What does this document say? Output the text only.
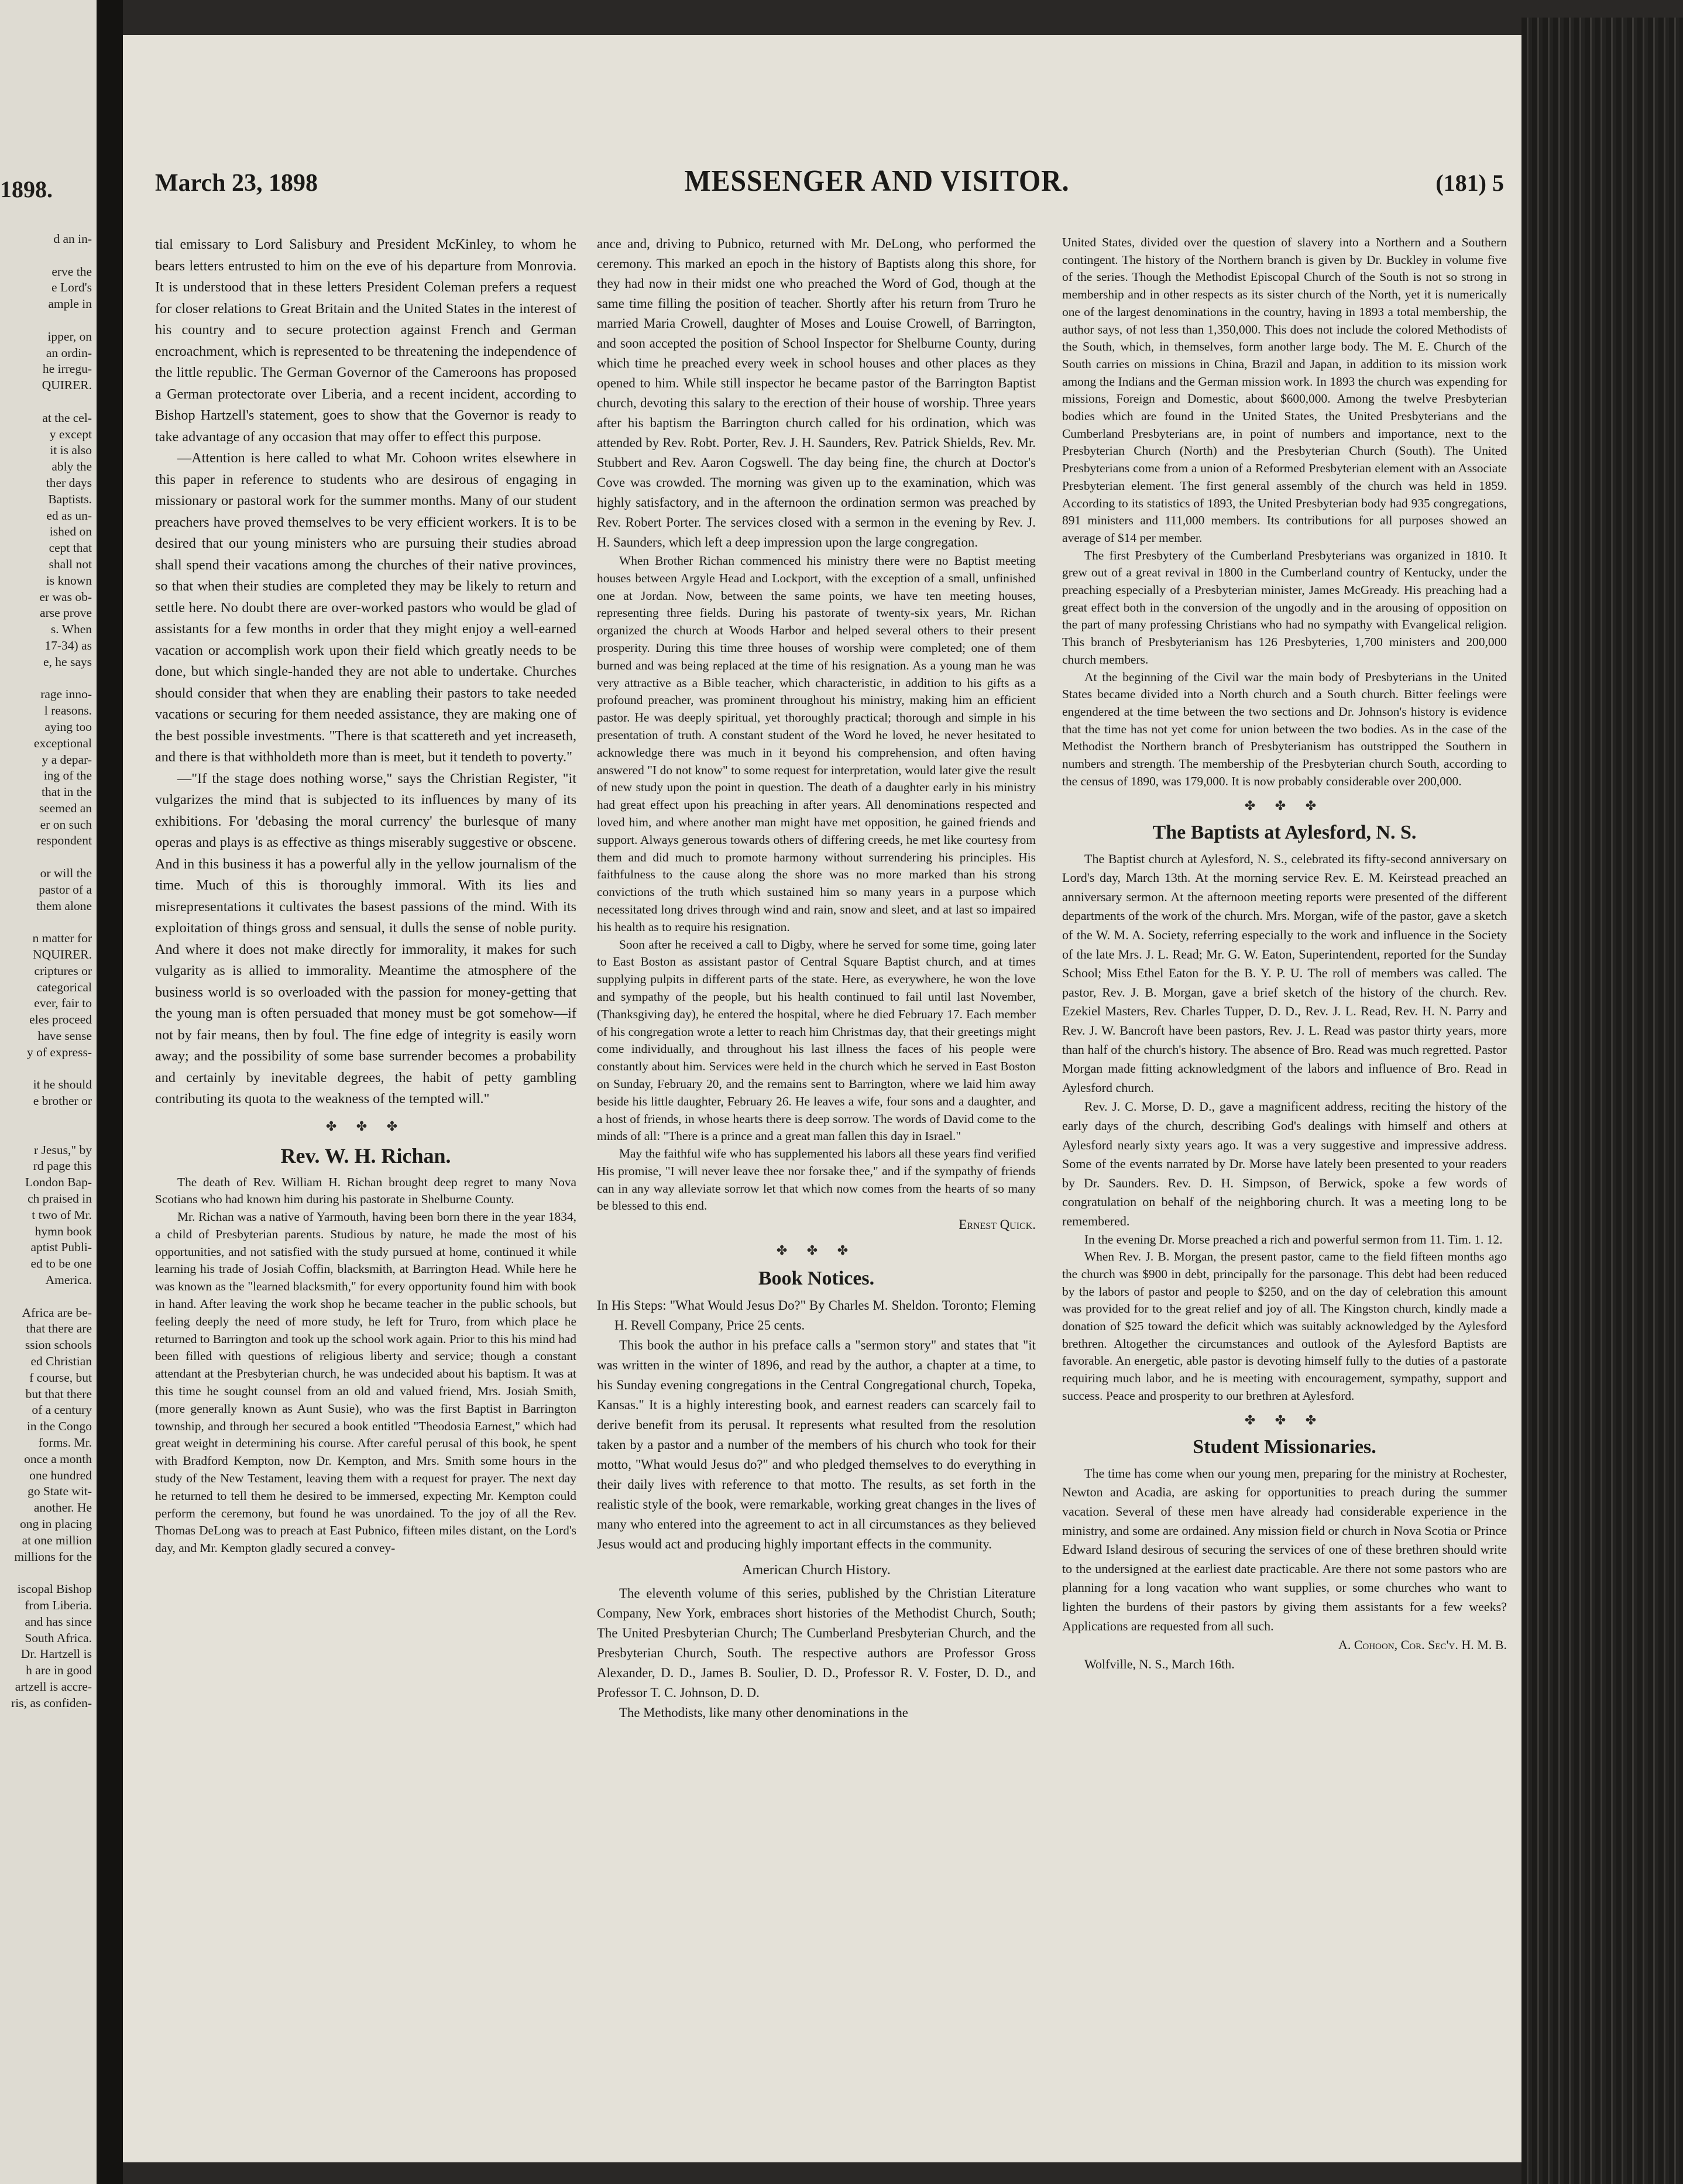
1898.
d an in-

erve the
e Lord's
ample in

ipper, on
an ordin-
he irregu-
QUIRER.

at the cel-
y except
it is also
ably the
ther days
Baptists.
ed as un-
ished on
cept that
shall not
is known
er was ob-
arse prove
s. When
17-34) as
e, he says

rage inno-
l reasons.
aying too
exceptional
y a depar-
ing of the
that in the
seemed an
er on such
respondent

or will the
pastor of a
them alone

n matter for
NQUIRER.
criptures or
categorical
ever, fair to
eles proceed
have sense
y of express-

it he should
e brother or

r Jesus," by
rd page this
London Bap-
ch praised in
t two of Mr.
hymn book
aptist Publi-
ed to be one
America.

Africa are be-
that there are
ssion schools
ed Christian
f course, but
but that there
of a century
in the Congo
forms. Mr.
once a month
one hundred
go State wit-
another. He
ong in placing
at one million
millions for the

iscopal Bishop
from Liberia.
and has since
South Africa.
Dr. Hartzell is
h are in good
artzell is accre-
ris, as confiden-
March 23, 1898	MESSENGER AND VISITOR.	(181) 5

tial emissary to Lord Salisbury and President McKinley, to whom he bears letters entrusted to him on the eve of his departure from Monrovia. It is understood that in these letters President Coleman prefers a request for closer relations to Great Britain and the United States in the interest of his country and to secure protection against French and German encroachment, which is represented to be threatening the independence of the little republic. The German Governor of the Cameroons has proposed a German protectorate over Liberia, and a recent incident, according to Bishop Hartzell's statement, goes to show that the Governor is ready to take advantage of any occasion that may offer to effect this purpose.

—Attention is here called to what Mr. Cohoon writes elsewhere in this paper in reference to students who are desirous of engaging in missionary or pastoral work for the summer months. Many of our student preachers have proved themselves to be very efficient workers. It is to be desired that our young ministers who are pursuing their studies abroad shall spend their vacations among the churches of their native provinces, so that when their studies are completed they may be likely to return and settle here. No doubt there are over-worked pastors who would be glad of assistants for a few months in order that they might enjoy a well-earned vacation or accomplish work upon their field which greatly needs to be done, but which single-handed they are not able to undertake. Churches should consider that when they are enabling their pastors to take needed vacations or securing for them needed assistance, they are making one of the best possible investments. "There is that scattereth and yet increaseth, and there is that withholdeth more than is meet, but it tendeth to poverty."

—"If the stage does nothing worse," says the Christian Register, "it vulgarizes the mind that is subjected to its influences by many of its exhibitions. For 'debasing the moral currency' the burlesque of many operas and plays is as effective as things miserably suggestive or obscene. And in this business it has a powerful ally in the yellow journalism of the time. Much of this is thoroughly immoral. With its lies and misrepresentations it cultivates the basest passions of the mind. With its exploitation of things gross and sensual, it dulls the sense of noble purity. And where it does not make directly for immorality, it makes for such vulgarity as is allied to immorality. Meantime the atmosphere of the business world is so overloaded with the passion for money-getting that the young man is often persuaded that money must be got somehow—if not by fair means, then by foul. The fine edge of integrity is easily worn away; and the possibility of some base surrender becomes a probability and certainly by inevitable degrees, the habit of petty gambling contributing its quota to the weakness of the tempted will."

✤ ✤ ✤
Rev. W. H. Richan.

The death of Rev. William H. Richan brought deep regret to many Nova Scotians who had known him during his pastorate in Shelburne County.

Mr. Richan was a native of Yarmouth, having been born there in the year 1834, a child of Presbyterian parents. Studious by nature, he made the most of his opportunities, and not satisfied with the study pursued at home, continued it while learning his trade of Josiah Coffin, blacksmith, at Barrington Head. While here he was known as the "learned blacksmith," for every opportunity found him with book in hand. After leaving the work shop he became teacher in the public schools, but feeling deeply the need of more study, he left for Truro, from which place he returned to Barrington and took up the school work again. Prior to this his mind had been filled with questions of religious liberty and service; though a constant attendant at the Presbyterian church, he was undecided about his baptism. It was at this time he sought counsel from an old and valued friend, Mrs. Josiah Smith, (more generally known as Aunt Susie), who was the first Baptist in Barrington township, and through her secured a book entitled "Theodosia Earnest," which had great weight in determining his course. After careful perusal of this book, he spent with Bradford Kempton, now Dr. Kempton, and Mrs. Smith some hours in the study of the New Testament, leaving them with a request for prayer. The next day he returned to tell them he desired to be immersed, expecting Mr. Kempton could perform the ceremony, but found he was unordained. To the joy of all the Rev. Thomas DeLong was to preach at East Pubnico, fifteen miles distant, on the Lord's day, and Mr. Kempton gladly secured a convey-

ance and, driving to Pubnico, returned with Mr. DeLong, who performed the ceremony. This marked an epoch in the history of Baptists along this shore, for they had now in their midst one who preached the Word of God, though at the same time filling the position of teacher. Shortly after his return from Truro he married Maria Crowell, daughter of Moses and Louise Crowell, of Barrington, and soon accepted the position of School Inspector for Shelburne County, during which time he preached every week in school houses and other places as they opened to him. While still inspector he became pastor of the Barrington Baptist church, devoting this salary to the erection of their house of worship. Three years after his baptism the Barrington church called for his ordination, which was attended by Rev. Robt. Porter, Rev. J. H. Saunders, Rev. Patrick Shields, Rev. Mr. Stubbert and Rev. Aaron Cogswell. The day being fine, the church at Doctor's Cove was crowded. The morning was given up to the examination, which was highly satisfactory, and in the afternoon the ordination sermon was preached by Rev. Robert Porter. The services closed with a sermon in the evening by Rev. J. H. Saunders, which left a deep impression upon the large congregation.

When Brother Richan commenced his ministry there were no Baptist meeting houses between Argyle Head and Lockport, with the exception of a small, unfinished one at Jordan. Now, between the same points, we have ten meeting houses, representing three fields. During his pastorate of twenty-six years, Mr. Richan organized the church at Woods Harbor and helped several others to their present prosperity. During this time three houses of worship were completed; one of them burned and was being replaced at the time of his resignation. As a young man he was very attractive as a Bible teacher, which characteristic, in addition to his gifts as a profound preacher, was prominent throughout his ministry, making him an efficient pastor. He was deeply spiritual, yet thoroughly practical; thorough and simple in his presentation of truth. A constant student of the Word he loved, he never hesitated to acknowledge there was much in it beyond his comprehension, and often having answered "I do not know" to some request for interpretation, would later give the result of new study upon the point in question. The death of a daughter early in his ministry had great effect upon his preaching in after years. All denominations respected and loved him, and where another man might have met opposition, he gained friends and support. Always generous towards others of differing creeds, he met like courtesy from them and did much to promote harmony without surrendering his principles. His faithfulness to the cause along the shore was no more marked than his strong convictions of the truth which sustained him so many years in a purpose which necessitated long drives through wind and rain, snow and sleet, and at last so impaired his health as to require his resignation.

Soon after he received a call to Digby, where he served for some time, going later to East Boston as assistant pastor of Central Square Baptist church, and at times supplying pulpits in different parts of the state. Here, as everywhere, he won the love and sympathy of the people, but his health continued to fail until last November, (Thanksgiving day), he entered the hospital, where he died February 17. Each member of his congregation wrote a letter to reach him Christmas day, that their greetings might come individually, and throughout his last illness the faces of his people were constantly about him. Services were held in the church which he served in East Boston on Sunday, February 20, and the remains sent to Barrington, where we laid him away beside his little daughter, February 26. He leaves a wife, four sons and a daughter, and a host of friends, in whose hearts there is deep sorrow. The words of David come to the minds of all: "There is a prince and a great man fallen this day in Israel."

May the faithful wife who has supplemented his labors all these years find verified His promise, "I will never leave thee nor forsake thee," and if the sympathy of friends can in any way alleviate sorrow let that which now comes from the hearts of so many be blessed to this end.

Ernest Quick.
✤ ✤ ✤
Book Notices.

In His Steps: "What Would Jesus Do?" By Charles M. Sheldon. Toronto; Fleming H. Revell Company, Price 25 cents.

This book the author in his preface calls a "sermon story" and states that "it was written in the winter of 1896, and read by the author, a chapter at a time, to his Sunday evening congregations in the Central Congregational church, Topeka, Kansas." It is a highly interesting book, and earnest readers can scarcely fail to derive benefit from its perusal. It represents what resulted from the resolution taken by a pastor and a number of the members of his church who took for their motto, "What would Jesus do?" and who pledged themselves to do everything in their daily lives with reference to that motto. The results, as set forth in the realistic style of the book, were remarkable, working great changes in the lives of many who entered into the agreement to act in all circumstances as they believed Jesus would act and producing highly important effects in the community.

American Church History.

The eleventh volume of this series, published by the Christian Literature Company, New York, embraces short histories of the Methodist Church, South; The United Presbyterian Church; The Cumberland Presbyterian Church, and the Presbyterian Church, South. The respective authors are Professor Gross Alexander, D. D., James B. Soulier, D. D., Professor R. V. Foster, D. D., and Professor T. C. Johnson, D. D.

The Methodists, like many other denominations in the

United States, divided over the question of slavery into a Northern and a Southern contingent. The history of the Northern branch is given by Dr. Buckley in volume five of the series. Though the Methodist Episcopal Church of the South is not so strong in membership and in other respects as its sister church of the North, yet it is numerically one of the largest denominations in the country, having in 1893 a total membership, the author says, of not less than 1,350,000. This does not include the colored Methodists of the South, which, in themselves, form another large body. The M. E. Church of the South carries on missions in China, Brazil and Japan, in addition to its mission work among the Indians and the German mission work. In 1893 the church was expending for missions, Foreign and Domestic, about $600,000. Among the twelve Presbyterian bodies which are found in the United States, the United Presbyterians and the Cumberland Presbyterians are, in point of numbers and importance, next to the Presbyterian Church (North) and the Presbyterian Church (South). The United Presbyterians come from a union of a Reformed Presbyterian element with an Associate Presbyterian element. The first general assembly of the church was held in 1859. According to its statistics of 1893, the United Presbyterian body had 935 congregations, 891 ministers and 111,000 members. Its contributions for all purposes showed an average of $14 per member.

The first Presbytery of the Cumberland Presbyterians was organized in 1810. It grew out of a great revival in 1800 in the Cumberland country of Kentucky, under the preaching especially of a Presbyterian minister, James McGready. His preaching had a great effect both in the conversion of the ungodly and in the arousing of opposition on the part of many professing Christians who had no sympathy with Evangelical religion. This branch of Presbyterianism has 126 Presbyteries, 1,700 ministers and 200,000 church members.

At the beginning of the Civil war the main body of Presbyterians in the United States became divided into a North church and a South church. Bitter feelings were engendered at the time between the two sections and Dr. Johnson's history is evidence that the time has not yet come for union between the two bodies. As in the case of the Methodist the Northern branch of Presbyterianism has outstripped the Southern in numbers and strength. The membership of the Presbyterian church South, according to the census of 1890, was 179,000. It is now probably considerable over 200,000.

✤ ✤ ✤
The Baptists at Aylesford, N. S.

The Baptist church at Aylesford, N. S., celebrated its fifty-second anniversary on Lord's day, March 13th. At the morning service Rev. E. M. Keirstead preached an anniversary sermon. At the afternoon meeting reports were presented of the different departments of the work of the church. Mrs. Morgan, wife of the pastor, gave a sketch of the W. M. A. Society, referring especially to the work and influence in the Society of the late Mrs. J. L. Read; Mr. G. W. Eaton, Superintendent, reported for the Sunday School; Miss Ethel Eaton for the B. Y. P. U. The roll of members was called. The pastor, Rev. J. B. Morgan, gave a brief sketch of the history of the church. Rev. Ezekiel Masters, Rev. Charles Tupper, D. D., Rev. J. L. Read, Rev. H. N. Parry and Rev. J. W. Bancroft have been pastors, Rev. J. L. Read was pastor thirty years, more than half of the church's history. The absence of Bro. Read was much regretted. Pastor Morgan made fitting acknowledgment of the labors and influence of Bro. Read in Aylesford church.

Rev. J. C. Morse, D. D., gave a magnificent address, reciting the history of the early days of the church, describing God's dealings with himself and others at Aylesford nearly sixty years ago. It was a very suggestive and impressive address. Some of the events narrated by Dr. Morse have lately been presented to your readers by Dr. Saunders. Rev. D. H. Simpson, of Berwick, spoke a few words of congratulation on behalf of the neighboring church. It was a meeting long to be remembered.

In the evening Dr. Morse preached a rich and powerful sermon from 11. Tim. 1. 12.

When Rev. J. B. Morgan, the present pastor, came to the field fifteen months ago the church was $900 in debt, principally for the parsonage. This debt had been reduced by the labors of pastor and people to $250, and on the day of celebration this amount was provided for to the great relief and joy of all. The Kingston church, kindly made a donation of $25 toward the deficit which was suitably acknowledged by the Aylesford brethren. Altogether the circumstances and outlook of the Aylesford Baptists are favorable. An energetic, able pastor is devoting himself fully to the duties of a pastorate requiring much labor, and he is meeting with encouragement, sympathy, support and success. Peace and prosperity to our brethren at Aylesford.

✤ ✤ ✤
Student Missionaries.

The time has come when our young men, preparing for the ministry at Rochester, Newton and Acadia, are asking for opportunities to preach during the summer vacation. Several of these men have already had considerable experience in the ministry, and some are ordained. Any mission field or church in Nova Scotia or Prince Edward Island desirous of securing the services of one of these brethren should write to the undersigned at the earliest date practicable. Are there not some pastors who are planning for a long vacation who want supplies, or some churches who want to lighten the burdens of their pastors by giving them assistants for a few weeks? Applications are requested from all such.

A. Cohoon, Cor. Sec'y. H. M. B.
Wolfville, N. S., March 16th.
